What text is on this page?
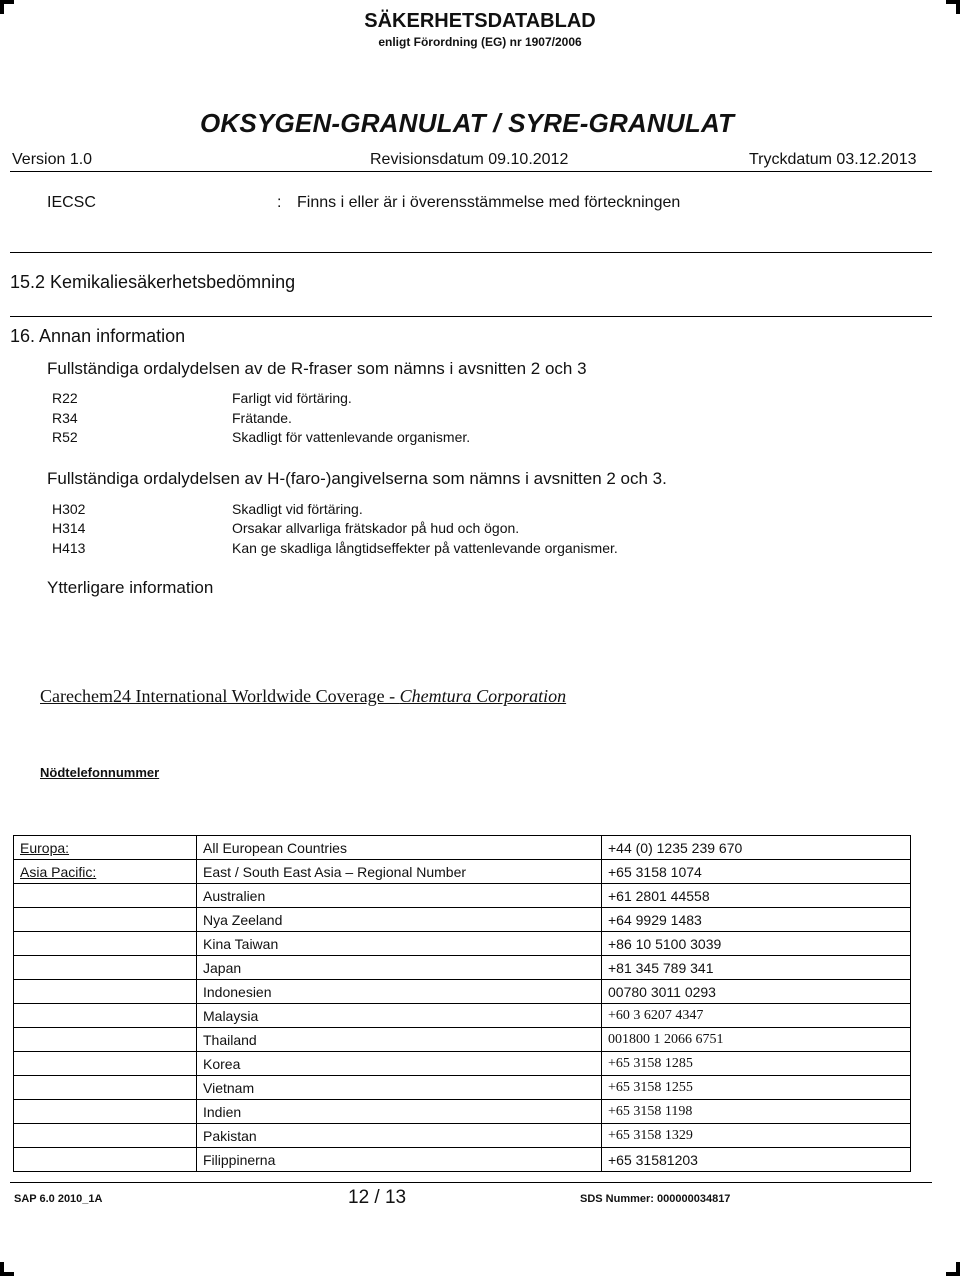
SÄKERHETSDATABLAD
enligt Förordning (EG) nr 1907/2006
OKSYGEN-GRANULAT / SYRE-GRANULAT
Version 1.0	Revisionsdatum 09.10.2012	Tryckdatum 03.12.2013
IECSC	: Finns i eller är i överensstämmelse med förteckningen
15.2 Kemikaliesäkerhetsbedömning
16. Annan information
Fullständiga ordalydelsen av de R-fraser som nämns i avsnitten 2 och 3
R22	Farligt vid förtäring.
R34	Frätande.
R52	Skadligt för vattenlevande organismer.
Fullständiga ordalydelsen av H-(faro-)angivelserna som nämns i avsnitten 2 och 3.
H302	Skadligt vid förtäring.
H314	Orsakar allvarliga frätskador på hud och ögon.
H413	Kan ge skadliga långtidseffekter på vattenlevande organismer.
Ytterligare information
Carechem24 International Worldwide Coverage - Chemtura Corporation
Nödtelefonnummer
Europa:	All European Countries	+44 (0) 1235 239 670
Asia Pacific:	East / South East Asia – Regional Number	+65 3158 1074
	Australien	+61 2801 44558
	Nya Zeeland	+64 9929 1483
	Kina Taiwan	+86 10 5100 3039
	Japan	+81 345 789 341
	Indonesien	00780 3011 0293
	Malaysia	+60 3 6207 4347
	Thailand	001800 1 2066 6751
	Korea	+65 3158 1285
	Vietnam	+65 3158 1255
	Indien	+65 3158 1198
	Pakistan	+65 3158 1329
	Filippinerna	+65 31581203
SAP 6.0 2010_1A	12 / 13	SDS Nummer: 000000034817
